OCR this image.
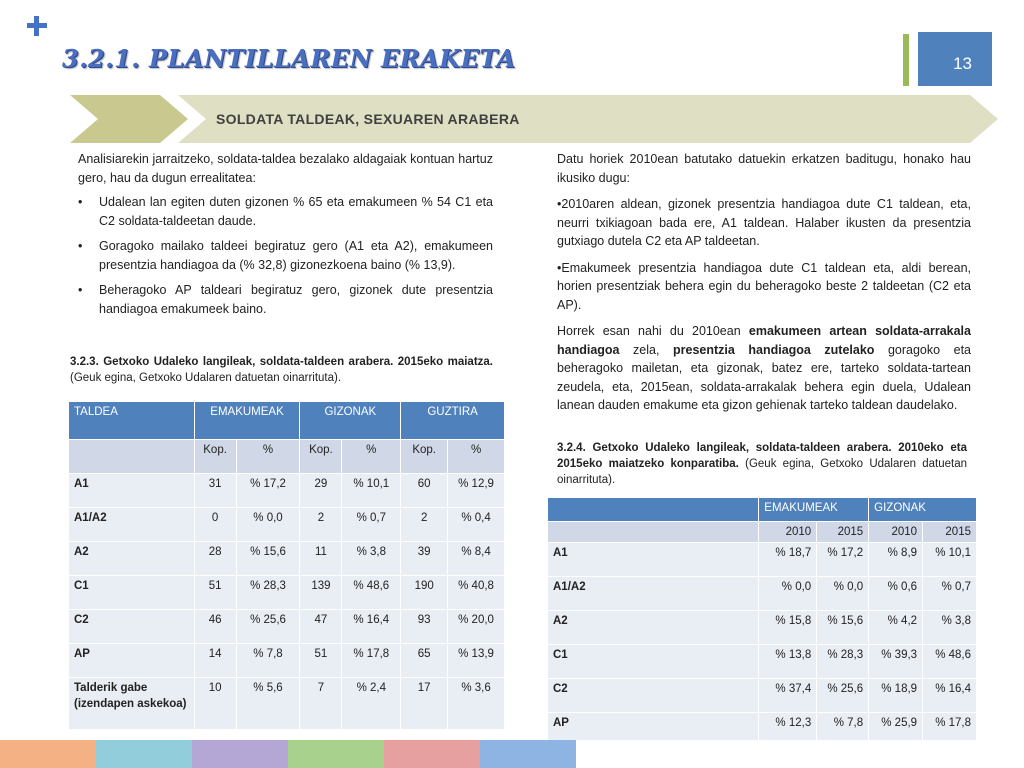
3.2.1. PLANTILLAREN ERAKETA	13
SOLDATA TALDEAK, SEXUAREN ARABERA

Analisiarekin jarraitzeko, soldata-taldea bezalako aldagaiak kontuan hartuz gero, hau da dugun errealitatea:

• Udalean lan egiten duten gizonen % 65 eta emakumeen % 54 C1 eta C2 soldata-taldeetan daude.
• Goragoko mailako taldeei begiratuz gero (A1 eta A2), emakumeen presentzia handiagoa da (% 32,8) gizonezkoena baino (% 13,9).
• Beheragoko AP taldeari begiratuz gero, gizonek dute presentzia handiagoa emakumeek baino.
3.2.3. Getxoko Udaleko langileak, soldata-taldeen arabera. 2015eko maiatza. (Geuk egina, Getxoko Udalaren datuetan oinarrituta).
TALDEA	EMAKUMEAK		GIZONAK		GUZTIRA	
	Kop.	%	Kop.	%	Kop.	%
A1	31	% 17,2	29	% 10,1	60	% 12,9
A1/A2	0	% 0,0	2	% 0,7	2	% 0,4
A2	28	% 15,6	11	% 3,8	39	% 8,4
C1	51	% 28,3	139	% 48,6	190	% 40,8
C2	46	% 25,6	47	% 16,4	93	% 20,0
AP	14	% 7,8	51	% 17,8	65	% 13,9
Talderik gabe (izendapen askekoa)	10	% 5,6	7	% 2,4	17	% 3,6

Datu horiek 2010ean batutako datuekin erkatzen baditugu, honako hau ikusiko dugu:

•2010aren aldean, gizonek presentzia handiagoa dute C1 taldean, eta, neurri txikiagoan bada ere, A1 taldean. Halaber ikusten da presentzia gutxiago dutela C2 eta AP taldeetan.

•Emakumeek presentzia handiagoa dute C1 taldean eta, aldi berean, horien presentziak behera egin du beheragoko beste 2 taldeetan (C2 eta AP).

Horrek esan nahi du 2010ean emakumeen artean soldata-arrakala handiagoa zela, presentzia handiagoa zutelako goragoko eta beheragoko mailetan, eta gizonak, batez ere, tarteko soldata-tartean zeudela, eta, 2015ean, soldata-arrakalak behera egin duela, Udalean lanean dauden emakume eta gizon gehienak tarteko taldean daudelako.

3.2.4. Getxoko Udaleko langileak, soldata-taldeen arabera. 2010eko eta 2015eko maiatzeko konparatiba. (Geuk egina, Getxoko Udalaren datuetan oinarrituta).
	EMAKUMEAK		GIZONAK	
	2010	2015	2010	2015
A1	% 18,7	% 17,2	% 8,9	% 10,1
A1/A2	% 0,0	% 0,0	% 0,6	% 0,7
A2	% 15,8	% 15,6	% 4,2	% 3,8
C1	% 13,8	% 28,3	% 39,3	% 48,6
C2	% 37,4	% 25,6	% 18,9	% 16,4
AP	% 12,3	% 7,8	% 25,9	% 17,8
